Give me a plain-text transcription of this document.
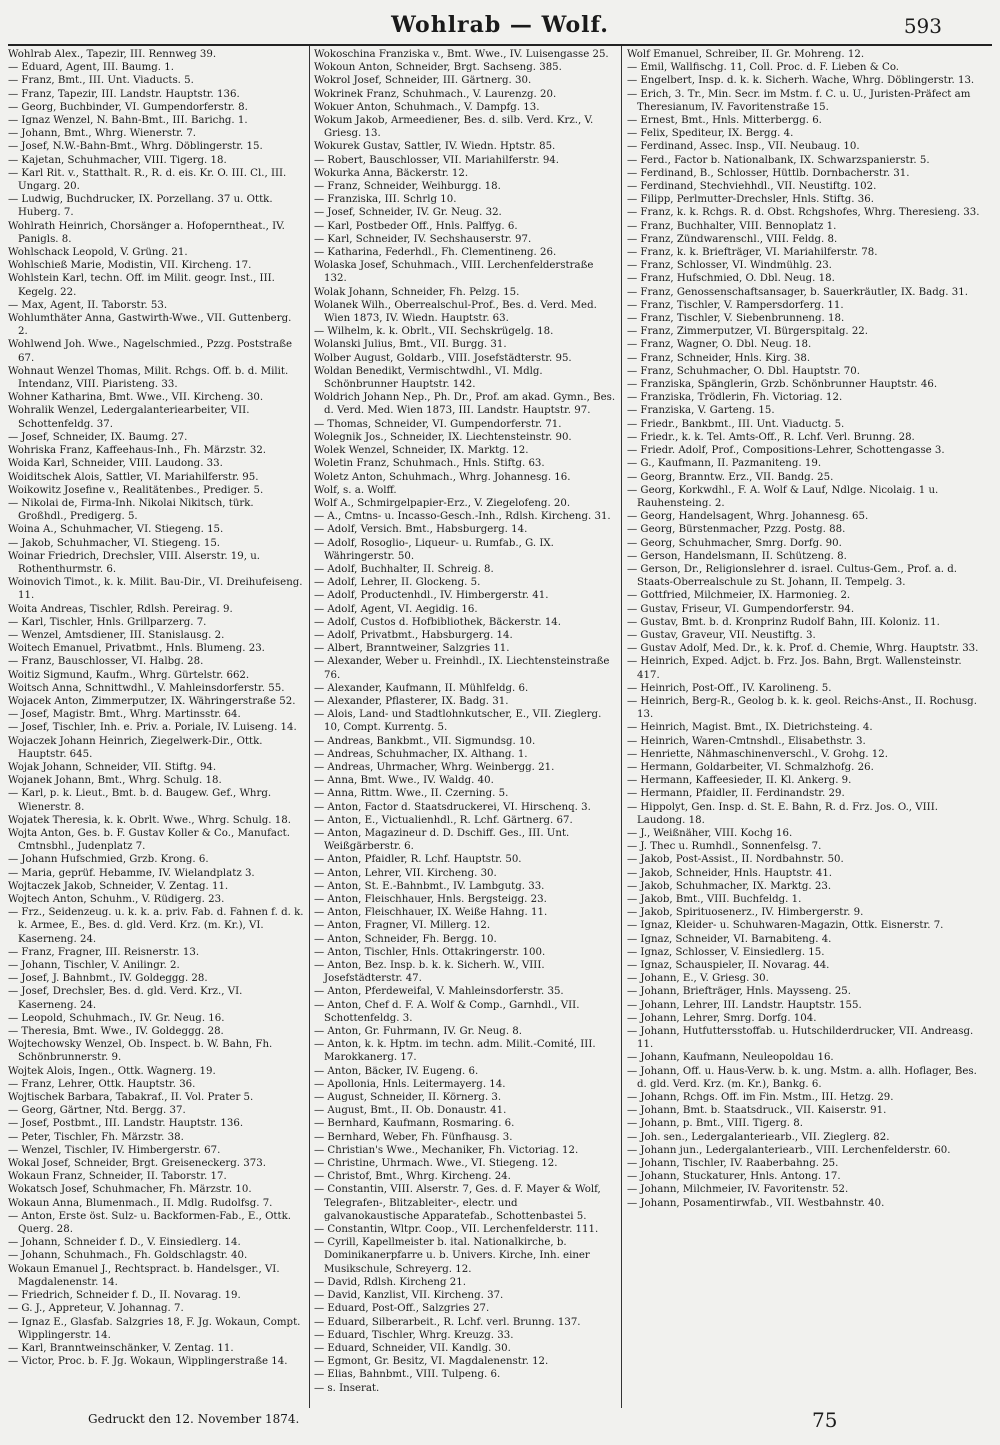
Wohlrab — Wolf.	593

Wohlrab Alex., Tapezir, III. Rennweg 39.

— Eduard, Agent, III. Baumg. 1.

— Franz, Bmt., III. Unt. Viaducts. 5.

— Franz, Tapezir, III. Landstr. Hauptstr. 136.

— Georg, Buchbinder, VI. Gumpendorferstr. 8.

— Ignaz Wenzel, N. Bahn-Bmt., III. Barichg. 1.

— Johann, Bmt., Whrg. Wienerstr. 7.

— Josef, N.W.-Bahn-Bmt., Whrg. Döblingerstr. 15.

— Kajetan, Schuhmacher, VIII. Tigerg. 18.

— Karl Rit. v., Statthalt. R., R. d. eis. Kr. O. III. Cl., III. Ungarg. 20.

— Ludwig, Buchdrucker, IX. Porzellang. 37 u. Ottk. Huberg. 7.

Wohlrath Heinrich, Chorsänger a. Hofoperntheat., IV. Panigls. 8.

Wohlschack Leopold, V. Grüng. 21.

Wohlschieß Marie, Modistin, VII. Kircheng. 17.

Wohlstein Karl, techn. Off. im Milit. geogr. Inst., III. Kegelg. 22.

— Max, Agent, II. Taborstr. 53.

Wohlumthäter Anna, Gastwirth-Wwe., VII. Guttenberg. 2.

Wohlwend Joh. Wwe., Nagelschmied., Pzzg. Poststraße 67.

Wohnaut Wenzel Thomas, Milit. Rchgs. Off. b. d. Milit. Intendanz, VIII. Piaristeng. 33.

Wohner Katharina, Bmt. Wwe., VII. Kircheng. 30.

Wohralik Wenzel, Ledergalanteriearbeiter, VII. Schottenfeldg. 37.

— Josef, Schneider, IX. Baumg. 27.

Wohriska Franz, Kaffeehaus-Inh., Fh. Märzstr. 32.

Woida Karl, Schneider, VIII. Laudong. 33.

Woiditschek Alois, Sattler, VI. Mariahilferstr. 95.

Woikowitz Josefine v., Realitätenbes., Prediger. 5.

— Nikolai de, Firma-Inh. Nikolai Nikitsch, türk. Großhdl., Predigerg. 5.

Woina A., Schuhmacher, VI. Stiegeng. 15.

— Jakob, Schuhmacher, VI. Stiegeng. 15.

Woinar Friedrich, Drechsler, VIII. Alserstr. 19, u. Rothenthurmstr. 6.

Woinovich Timot., k. k. Milit. Bau-Dir., VI. Dreihufeiseng. 11.

Woita Andreas, Tischler, Rdlsh. Pereirag. 9.

— Karl, Tischler, Hnls. Grillparzerg. 7.

— Wenzel, Amtsdiener, III. Stanislausg. 2.

Woitech Emanuel, Privatbmt., Hnls. Blumeng. 23.

— Franz, Bauschlosser, VI. Halbg. 28.

Woitiz Sigmund, Kaufm., Whrg. Gürtelstr. 662.

Woitsch Anna, Schnittwdhl., V. Mahleinsdorferstr. 55.

Wojacek Anton, Zimmerputzer, IX. Währingerstraße 52.

— Josef, Magistr. Bmt., Whrg. Martinsstr. 64.

— Josef, Tischler, Inh. e. Priv. a. Poriale, IV. Luiseng. 14.

Wojaczek Johann Heinrich, Ziegelwerk-Dir., Ottk. Hauptstr. 645.

Wojak Johann, Schneider, VII. Stiftg. 94.

Wojanek Johann, Bmt., Whrg. Schulg. 18.

— Karl, p. k. Lieut., Bmt. b. d. Baugew. Gef., Whrg. Wienerstr. 8.

Wojatek Theresia, k. k. Obrlt. Wwe., Whrg. Schulg. 18.

Wojta Anton, Ges. b. F. Gustav Koller & Co., Manufact. Cmtnsbhl., Judenplatz 7.

— Johann Hufschmied, Grzb. Krong. 6.

— Maria, geprüf. Hebamme, IV. Wielandplatz 3.

Wojtaczek Jakob, Schneider, V. Zentag. 11.

Wojtech Anton, Schuhm., V. Rüdigerg. 23.

— Frz., Seidenzeug. u. k. k. a. priv. Fab. d. Fahnen f. d. k. k. Armee, E., Bes. d. gld. Verd. Krz. (m. Kr.), VI. Kaserneng. 24.

— Franz, Fragner, III. Reisnerstr. 13.

— Johann, Tischler, V. Anilingr. 2.

— Josef, J. Bahnbmt., IV. Goldeggg. 28.

— Josef, Drechsler, Bes. d. gld. Verd. Krz., VI. Kaserneng. 24.

— Leopold, Schuhmach., IV. Gr. Neug. 16.

— Theresia, Bmt. Wwe., IV. Goldeggg. 28.

Wojtechowsky Wenzel, Ob. Inspect. b. W. Bahn, Fh. Schönbrunnerstr. 9.

Wojtek Alois, Ingen., Ottk. Wagnerg. 19.

— Franz, Lehrer, Ottk. Hauptstr. 36.

Wojtischek Barbara, Tabakraf., II. Vol. Prater 5.

— Georg, Gärtner, Ntd. Bergg. 37.

— Josef, Postbmt., III. Landstr. Hauptstr. 136.

— Peter, Tischler, Fh. Märzstr. 38.

— Wenzel, Tischler, IV. Himbergerstr. 67.

Wokal Josef, Schneider, Brgt. Greiseneckerg. 373.

Wokaun Franz, Schneider, II. Taborstr. 17.

Wokatsch Josef, Schuhmacher, Fh. Märzstr. 10.

Wokaun Anna, Blumenmach., II. Mdlg. Rudolfsg. 7.

— Anton, Erste öst. Sulz- u. Backformen-Fab., E., Ottk. Querg. 28.

— Johann, Schneider f. D., V. Einsiedlerg. 14.

— Johann, Schuhmach., Fh. Goldschlagstr. 40.

Wokaun Emanuel J., Rechtspract. b. Handelsger., VI. Magdalenenstr. 14.

— Friedrich, Schneider f. D., II. Novarag. 19.

— G. J., Appreteur, V. Johannag. 7.

— Ignaz E., Glasfab. Salzgries 18, F. Jg. Wokaun, Compt. Wipplingerstr. 14.

— Karl, Branntweinschänker, V. Zentag. 11.

— Victor, Proc. b. F. Jg. Wokaun, Wipplingerstraße 14.

Wokoschina Franziska v., Bmt. Wwe., IV. Luisengasse 25.

Wokoun Anton, Schneider, Brgt. Sachseng. 385.

Wokrol Josef, Schneider, III. Gärtnerg. 30.

Wokrinek Franz, Schuhmach., V. Laurenzg. 20.

Wokuer Anton, Schuhmach., V. Dampfg. 13.

Wokum Jakob, Armeediener, Bes. d. silb. Verd. Krz., V. Griesg. 13.

Wokurek Gustav, Sattler, IV. Wiedn. Hptstr. 85.

— Robert, Bauschlosser, VII. Mariahilferstr. 94.

Wokurka Anna, Bäckerstr. 12.

— Franz, Schneider, Weihburgg. 18.

— Franziska, III. Schrlg 10.

— Josef, Schneider, IV. Gr. Neug. 32.

— Karl, Postbeder Off., Hnls. Palffyg. 6.

— Karl, Schneider, IV. Sechshauserstr. 97.

— Katharina, Federhdl., Fh. Clementineng. 26.

Wolaska Josef, Schuhmach., VIII. Lerchenfelderstraße 132.

Wolak Johann, Schneider, Fh. Pelzg. 15.

Wolanek Wilh., Oberrealschul-Prof., Bes. d. Verd. Med. Wien 1873, IV. Wiedn. Hauptstr. 63.

— Wilhelm, k. k. Obrlt., VII. Sechskrügelg. 18.

Wolanski Julius, Bmt., VII. Burgg. 31.

Wolber August, Goldarb., VIII. Josefstädterstr. 95.

Woldan Benedikt, Vermischtwdhl., VI. Mdlg. Schönbrunner Hauptstr. 142.

Woldrich Johann Nep., Ph. Dr., Prof. am akad. Gymn., Bes. d. Verd. Med. Wien 1873, III. Landstr. Hauptstr. 97.

— Thomas, Schneider, VI. Gumpendorferstr. 71.

Wolegnik Jos., Schneider, IX. Liechtensteinstr. 90.

Wolek Wenzel, Schneider, IX. Marktg. 12.

Woletin Franz, Schuhmach., Hnls. Stiftg. 63.

Woletz Anton, Schuhmach., Whrg. Johannesg. 16.

Wolf, s. a. Wolff.

Wolf A., Schmirgelpapier-Erz., V. Ziegelofeng. 20.

— A., Cmtns- u. Incasso-Gesch.-Inh., Rdlsh. Kircheng. 31.

— Adolf, Versich. Bmt., Habsburgerg. 14.

— Adolf, Rosoglio-, Liqueur- u. Rumfab., G. IX. Währingerstr. 50.

— Adolf, Buchhalter, II. Schreig. 8.

— Adolf, Lehrer, II. Glockeng. 5.

— Adolf, Productenhdl., IV. Himbergerstr. 41.

— Adolf, Agent, VI. Aegidig. 16.

— Adolf, Custos d. Hofbibliothek, Bäckerstr. 14.

— Adolf, Privatbmt., Habsburgerg. 14.

— Albert, Branntweiner, Salzgries 11.

— Alexander, Weber u. Freinhdl., IX. Liechtensteinstraße 76.

— Alexander, Kaufmann, II. Mühlfeldg. 6.

— Alexander, Pflasterer, IX. Badg. 31.

— Alois, Land- und Stadtlohnkutscher, E., VII. Zieglerg. 10, Compt. Kurrentg. 5.

— Andreas, Bankbmt., VII. Sigmundsg. 10.

— Andreas, Schuhmacher, IX. Althang. 1.

— Andreas, Uhrmacher, Whrg. Weinbergg. 21.

— Anna, Bmt. Wwe., IV. Waldg. 40.

— Anna, Rittm. Wwe., II. Czerning. 5.

— Anton, Factor d. Staatsdruckerei, VI. Hirschenq. 3.

— Anton, E., Victualienhdl., R. Lchf. Gärtnerg. 67.

— Anton, Magazineur d. D. Dschiff. Ges., III. Unt. Weißgärberstr. 6.

— Anton, Pfaidler, R. Lchf. Hauptstr. 50.

— Anton, Lehrer, VII. Kircheng. 30.

— Anton, St. E.-Bahnbmt., IV. Lambgutg. 33.

— Anton, Fleischhauer, Hnls. Bergsteigg. 23.

— Anton, Fleischhauer, IX. Weiße Hahng. 11.

— Anton, Fragner, VI. Millerg. 12.

— Anton, Schneider, Fh. Bergg. 10.

— Anton, Tischler, Hnls. Ottakringerstr. 100.

— Anton, Bez. Insp. b. k. k. Sicherh. W., VIII. Josefstädterstr. 47.

— Anton, Pferdeweifal, V. Mahleinsdorferstr. 35.

— Anton, Chef d. F. A. Wolf & Comp., Garnhdl., VII. Schottenfeldg. 3.

— Anton, Gr. Fuhrmann, IV. Gr. Neug. 8.

— Anton, k. k. Hptm. im techn. adm. Milit.-Comité, III. Marokkanerg. 17.

— Anton, Bäcker, IV. Eugeng. 6.

— Apollonia, Hnls. Leitermayerg. 14.

— August, Schneider, II. Körnerg. 3.

— August, Bmt., II. Ob. Donaustr. 41.

— Bernhard, Kaufmann, Rosmaring. 6.

— Bernhard, Weber, Fh. Fünfhausg. 3.

— Christian's Wwe., Mechaniker, Fh. Victoriag. 12.

— Christine, Uhrmach. Wwe., VI. Stiegeng. 12.

— Christof, Bmt., Whrg. Kircheng. 24.

— Constantin, VIII. Alserstr. 7, Ges. d. F. Mayer & Wolf, Telegrafen-, Blitzableiter-, electr. und galvanokaustische Apparatefab., Schottenbastei 5.

— Constantin, Wltpr. Coop., VII. Lerchenfelderstr. 111.

— Cyrill, Kapellmeister b. ital. Nationalkirche, b. Dominikanerpfarre u. b. Univers. Kirche, Inh. einer Musikschule, Schreyerg. 12.

— David, Rdlsh. Kircheng 21.

— David, Kanzlist, VII. Kircheng. 37.

— Eduard, Post-Off., Salzgries 27.

— Eduard, Silberarbeit., R. Lchf. verl. Brunng. 137.

— Eduard, Tischler, Whrg. Kreuzg. 33.

— Eduard, Schneider, VII. Kandlg. 30.

— Egmont, Gr. Besitz, VI. Magdalenenstr. 12.

— Elias, Bahnbmt., VIII. Tulpeng. 6.

— s. Inserat.

Wolf Emanuel, Schreiber, II. Gr. Mohreng. 12.

— Emil, Wallfischg. 11, Coll. Proc. d. F. Lieben & Co.

— Engelbert, Insp. d. k. k. Sicherh. Wache, Whrg. Döblingerstr. 13.

— Erich, 3. Tr., Min. Secr. im Mstm. f. C. u. U., Juristen-Präfect am Theresianum, IV. Favoritenstraße 15.

— Ernest, Bmt., Hnls. Mitterbergg. 6.

— Felix, Spediteur, IX. Bergg. 4.

— Ferdinand, Assec. Insp., VII. Neubaug. 10.

— Ferd., Factor b. Nationalbank, IX. Schwarzspanierstr. 5.

— Ferdinand, B., Schlosser, Hüttlb. Dornbacherstr. 31.

— Ferdinand, Stechviehhdl., VII. Neustiftg. 102.

— Filipp, Perlmutter-Drechsler, Hnls. Stiftg. 36.

— Franz, k. k. Rchgs. R. d. Obst. Rchgshofes, Whrg. Theresieng. 33.

— Franz, Buchhalter, VIII. Bennoplatz 1.

— Franz, Zündwarenschl., VIII. Feldg. 8.

— Franz, k. k. Briefträger, VI. Mariahilferstr. 78.

— Franz, Schlosser, VI. Windmühlg. 23.

— Franz, Hufschmied, O. Dbl. Neug. 18.

— Franz, Genossenschaftsansager, b. Sauerkräutler, IX. Badg. 31.

— Franz, Tischler, V. Rampersdorferg. 11.

— Franz, Tischler, V. Siebenbrunneng. 18.

— Franz, Zimmerputzer, VI. Bürgerspitalg. 22.

— Franz, Wagner, O. Dbl. Neug. 18.

— Franz, Schneider, Hnls. Kirg. 38.

— Franz, Schuhmacher, O. Dbl. Hauptstr. 70.

— Franziska, Spänglerin, Grzb. Schönbrunner Hauptstr. 46.

— Franziska, Trödlerin, Fh. Victoriag. 12.

— Franziska, V. Garteng. 15.

— Friedr., Bankbmt., III. Unt. Viaductg. 5.

— Friedr., k. k. Tel. Amts-Off., R. Lchf. Verl. Brunng. 28.

— Friedr. Adolf, Prof., Compositions-Lehrer, Schottengasse 3.

— G., Kaufmann, II. Pazmaniteng. 19.

— Georg, Branntw. Erz., VII. Bandg. 25.

— Georg, Korkwdhl., F. A. Wolf & Lauf, Ndlge. Nicolaig. 1 u. Rauhensteing. 2.

— Georg, Handelsagent, Whrg. Johannesg. 65.

— Georg, Bürstenmacher, Pzzg. Postg. 88.

— Georg, Schuhmacher, Smrg. Dorfg. 90.

— Gerson, Handelsmann, II. Schützeng. 8.

— Gerson, Dr., Religionslehrer d. israel. Cultus-Gem., Prof. a. d. Staats-Oberrealschule zu St. Johann, II. Tempelg. 3.

— Gottfried, Milchmeier, IX. Harmonieg. 2.

— Gustav, Friseur, VI. Gumpendorferstr. 94.

— Gustav, Bmt. b. d. Kronprinz Rudolf Bahn, III. Koloniz. 11.

— Gustav, Graveur, VII. Neustiftg. 3.

— Gustav Adolf, Med. Dr., k. k. Prof. d. Chemie, Whrg. Hauptstr. 33.

— Heinrich, Exped. Adjct. b. Frz. Jos. Bahn, Brgt. Wallensteinstr. 417.

— Heinrich, Post-Off., IV. Karolineng. 5.

— Heinrich, Berg-R., Geolog b. k. k. geol. Reichs-Anst., II. Rochusg. 13.

— Heinrich, Magist. Bmt., IX. Dietrichsteing. 4.

— Heinrich, Waren-Cmtnshdl., Elisabethstr. 3.

— Henriette, Nähmaschinenverschl., V. Grohg. 12.

— Hermann, Goldarbeiter, VI. Schmalzhofg. 26.

— Hermann, Kaffeesieder, II. Kl. Ankerg. 9.

— Hermann, Pfaidler, II. Ferdinandstr. 29.

— Hippolyt, Gen. Insp. d. St. E. Bahn, R. d. Frz. Jos. O., VIII. Laudong. 18.

— J., Weißnäher, VIII. Kochg 16.

— J. Thec u. Rumhdl., Sonnenfelsg. 7.

— Jakob, Post-Assist., II. Nordbahnstr. 50.

— Jakob, Schneider, Hnls. Hauptstr. 41.

— Jakob, Schuhmacher, IX. Marktg. 23.

— Jakob, Bmt., VIII. Buchfeldg. 1.

— Jakob, Spirituosenerz., IV. Himbergerstr. 9.

— Ignaz, Kleider- u. Schuhwaren-Magazin, Ottk. Eisnerstr. 7.

— Ignaz, Schneider, VI. Barnabiteng. 4.

— Ignaz, Schlosser, V. Einsiedlerg. 15.

— Ignaz, Schauspieler, II. Novarag. 44.

— Johann, E., V. Griesg. 30.

— Johann, Briefträger, Hnls. Maysseng. 25.

— Johann, Lehrer, III. Landstr. Hauptstr. 155.

— Johann, Lehrer, Smrg. Dorfg. 104.

— Johann, Hutfuttersstoffab. u. Hutschilderdrucker, VII. Andreasg. 11.

— Johann, Kaufmann, Neuleopoldau 16.

— Johann, Off. u. Haus-Verw. b. k. ung. Mstm. a. allh. Hoflager, Bes. d. gld. Verd. Krz. (m. Kr.), Bankg. 6.

— Johann, Rchgs. Off. im Fin. Mstm., III. Hetzg. 29.

— Johann, Bmt. b. Staatsdruck., VII. Kaiserstr. 91.

— Johann, p. Bmt., VIII. Tigerg. 8.

— Joh. sen., Ledergalanteriearb., VII. Zieglerg. 82.

— Johann jun., Ledergalanteriearb., VIII. Lerchenfelderstr. 60.

— Johann, Tischler, IV. Raaberbahng. 25.

— Johann, Stuckaturer, Hnls. Antong. 17.

— Johann, Milchmeier, IV. Favoritenstr. 52.

— Johann, Posamentirwfab., VII. Westbahnstr. 40.

Gedruckt den 12. November 1874.	75
